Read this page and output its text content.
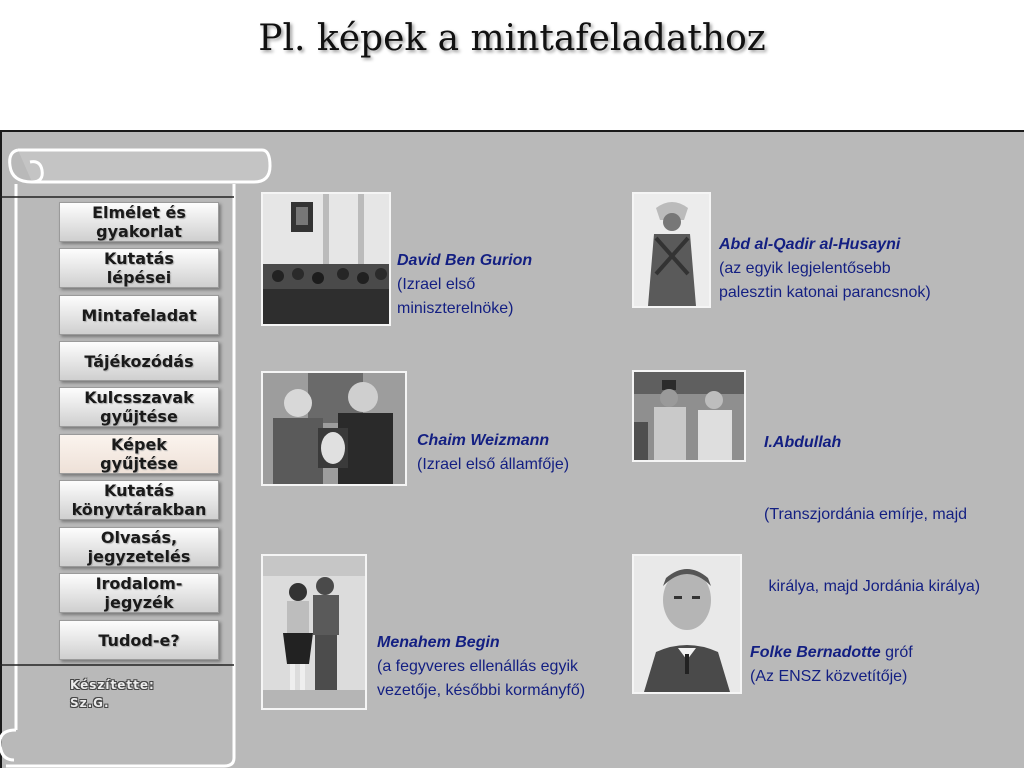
Pl. képek a mintafeladathoz
Elmélet és
gyakorlat
Kutatás
lépései
Mintafeladat
Tájékozódás
Kulcsszavak
gyűjtése
Képek
gyűjtése
Kutatás
könyvtárakban
Olvasás,
jegyzetelés
Irodalom-
jegyzék
Tudod-e?
Készítette:
Sz.G.
David Ben Gurion
(Izrael első
miniszterelnöke)
Chaim Weizmann
(Izrael első államfője)
Menahem Begin
(a fegyveres ellenállás egyik
vezetője, későbbi kormányfő)
Abd al-Qadir al-Husayni
(az egyik legjelentősebb
palesztin katonai parancsnok)

I.Abdullah

(Transzjordánia emírje, majd

királya, majd Jordánia királya)

Folke Bernadotte gróf
(Az ENSZ közvetítője)
